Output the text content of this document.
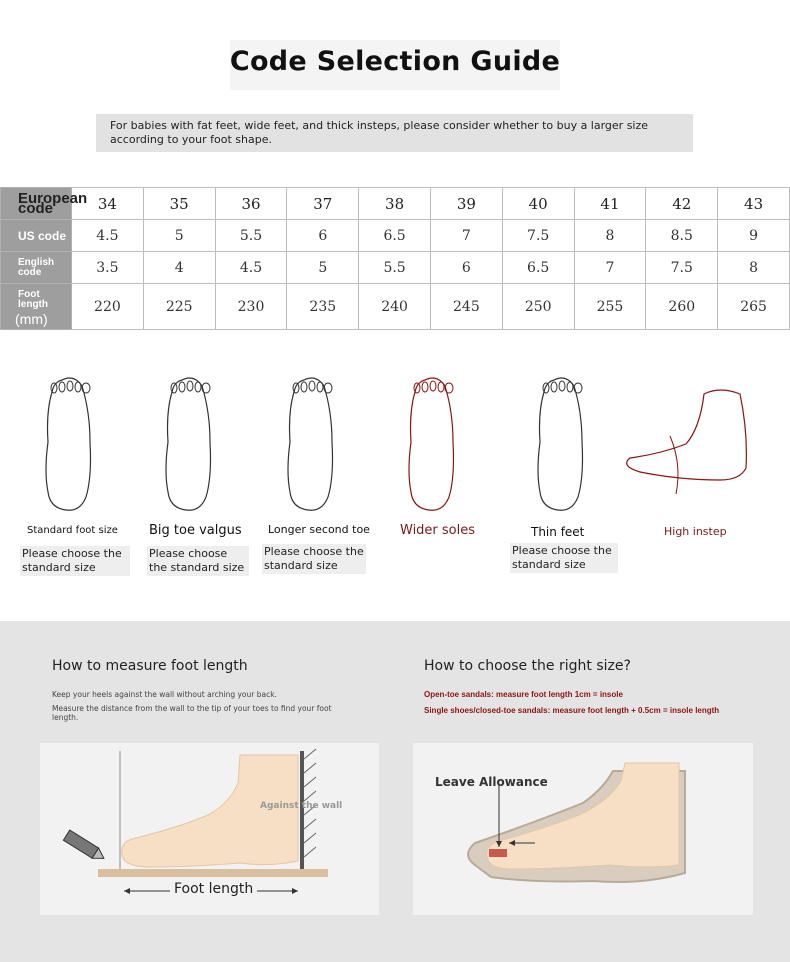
Code Selection Guide
For babies with fat feet, wide feet, and thick insteps, please consider whether to buy a larger size according to your foot shape.
European code	34	35	36	37	38	39	40	41	42	43
US code	4.5	5	5.5	6	6.5	7	7.5	8	8.5	9
English code	3.5	4	4.5	5	5.5	6	6.5	7	7.5	8
Foot length
(mm)	220	225	230	235	240	245	250	255	260	265
Standard foot size
Please choose the standard size
Big toe valgus
Please choose the standard size
Longer second toe
Please choose the standard size
Wider soles	Thin feet
Please choose the standard size
High instep
How to measure foot length
Keep your heels against the wall without arching your back.
Measure the distance from the wall to the tip of your toes to find your foot length.
Against the wall
Foot length
How to choose the right size?
Open-toe sandals: measure foot length 1cm = insole
Single shoes/closed-toe sandals: measure foot length + 0.5cm = insole length
Leave Allowance
